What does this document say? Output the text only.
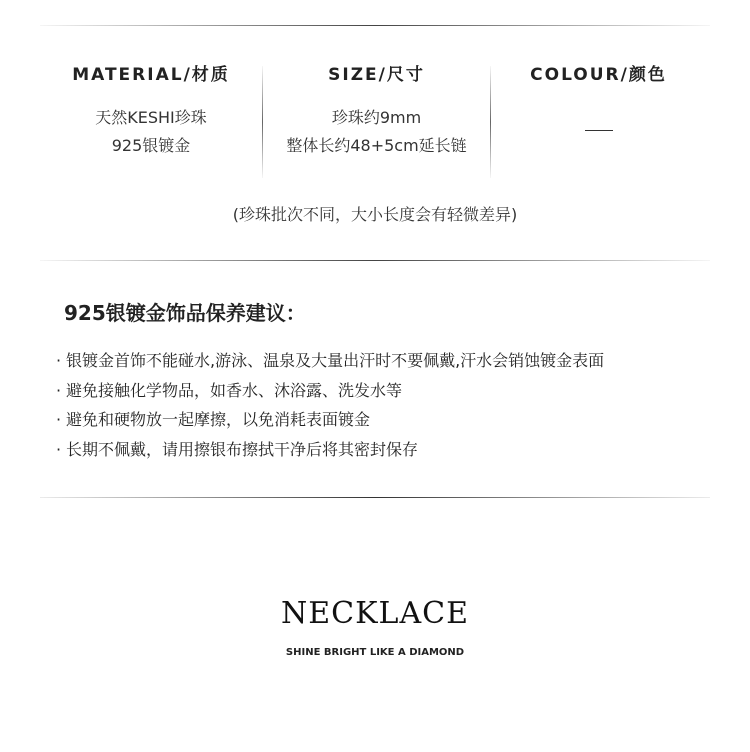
MATERIAL/材质
天然KESHI珍珠
925银镀金
SIZE/尺寸
珍珠约9mm
整体长约48+5cm延长链
COLOUR/颜色
(珍珠批次不同，大小长度会有轻微差异)
925银镀金饰品保养建议：
· 银镀金首饰不能碰水,游泳、温泉及大量出汗时不要佩戴,汗水会销蚀镀金表面
· 避免接触化学物品，如香水、沐浴露、洗发水等
· 避免和硬物放一起摩擦，以免消耗表面镀金
· 长期不佩戴，请用擦银布擦拭干净后将其密封保存
NECKLACE
SHINE BRIGHT LIKE A DIAMOND
